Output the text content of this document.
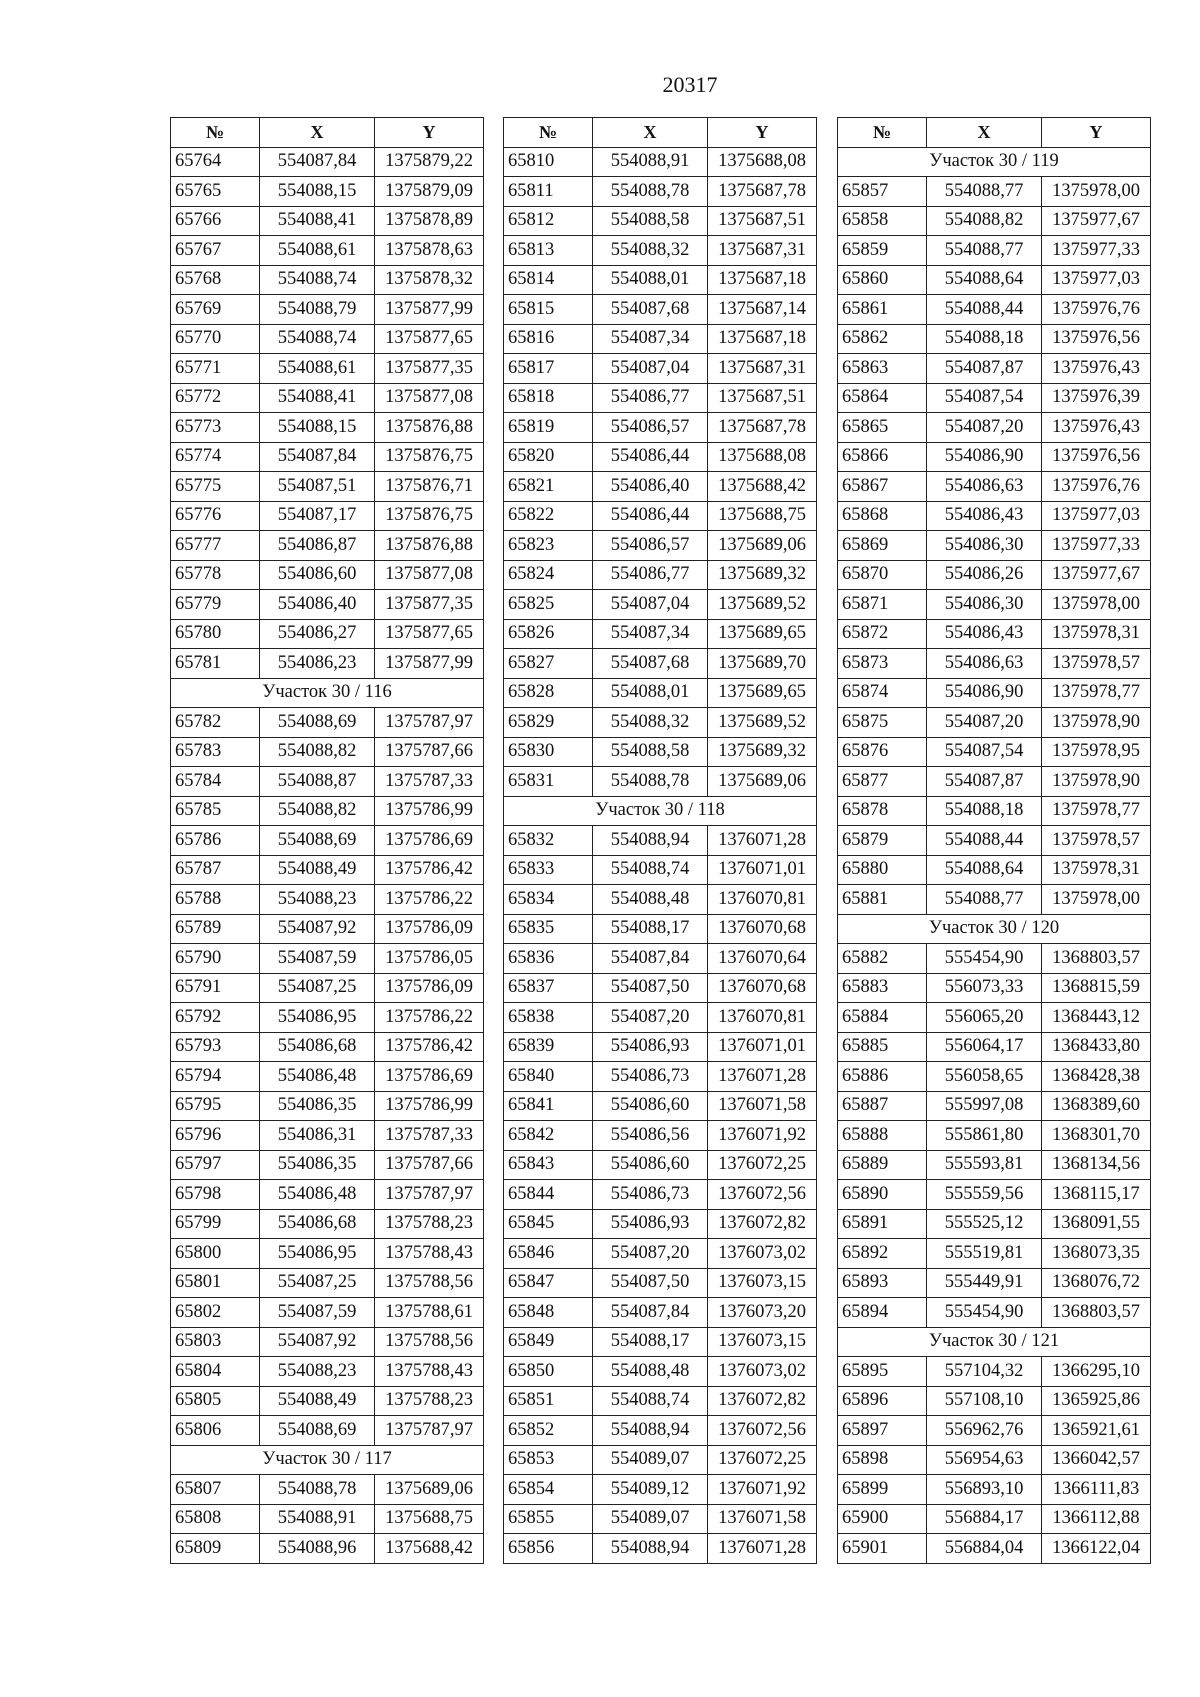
20317
№	X	Y
65764	554087,84	1375879,22
65765	554088,15	1375879,09
65766	554088,41	1375878,89
65767	554088,61	1375878,63
65768	554088,74	1375878,32
65769	554088,79	1375877,99
65770	554088,74	1375877,65
65771	554088,61	1375877,35
65772	554088,41	1375877,08
65773	554088,15	1375876,88
65774	554087,84	1375876,75
65775	554087,51	1375876,71
65776	554087,17	1375876,75
65777	554086,87	1375876,88
65778	554086,60	1375877,08
65779	554086,40	1375877,35
65780	554086,27	1375877,65
65781	554086,23	1375877,99
Участок 30 / 116		
65782	554088,69	1375787,97
65783	554088,82	1375787,66
65784	554088,87	1375787,33
65785	554088,82	1375786,99
65786	554088,69	1375786,69
65787	554088,49	1375786,42
65788	554088,23	1375786,22
65789	554087,92	1375786,09
65790	554087,59	1375786,05
65791	554087,25	1375786,09
65792	554086,95	1375786,22
65793	554086,68	1375786,42
65794	554086,48	1375786,69
65795	554086,35	1375786,99
65796	554086,31	1375787,33
65797	554086,35	1375787,66
65798	554086,48	1375787,97
65799	554086,68	1375788,23
65800	554086,95	1375788,43
65801	554087,25	1375788,56
65802	554087,59	1375788,61
65803	554087,92	1375788,56
65804	554088,23	1375788,43
65805	554088,49	1375788,23
65806	554088,69	1375787,97
Участок 30 / 117		
65807	554088,78	1375689,06
65808	554088,91	1375688,75
65809	554088,96	1375688,42
№	X	Y
65810	554088,91	1375688,08
65811	554088,78	1375687,78
65812	554088,58	1375687,51
65813	554088,32	1375687,31
65814	554088,01	1375687,18
65815	554087,68	1375687,14
65816	554087,34	1375687,18
65817	554087,04	1375687,31
65818	554086,77	1375687,51
65819	554086,57	1375687,78
65820	554086,44	1375688,08
65821	554086,40	1375688,42
65822	554086,44	1375688,75
65823	554086,57	1375689,06
65824	554086,77	1375689,32
65825	554087,04	1375689,52
65826	554087,34	1375689,65
65827	554087,68	1375689,70
65828	554088,01	1375689,65
65829	554088,32	1375689,52
65830	554088,58	1375689,32
65831	554088,78	1375689,06
Участок 30 / 118		
65832	554088,94	1376071,28
65833	554088,74	1376071,01
65834	554088,48	1376070,81
65835	554088,17	1376070,68
65836	554087,84	1376070,64
65837	554087,50	1376070,68
65838	554087,20	1376070,81
65839	554086,93	1376071,01
65840	554086,73	1376071,28
65841	554086,60	1376071,58
65842	554086,56	1376071,92
65843	554086,60	1376072,25
65844	554086,73	1376072,56
65845	554086,93	1376072,82
65846	554087,20	1376073,02
65847	554087,50	1376073,15
65848	554087,84	1376073,20
65849	554088,17	1376073,15
65850	554088,48	1376073,02
65851	554088,74	1376072,82
65852	554088,94	1376072,56
65853	554089,07	1376072,25
65854	554089,12	1376071,92
65855	554089,07	1376071,58
65856	554088,94	1376071,28
№	X	Y
Участок 30 / 119		
65857	554088,77	1375978,00
65858	554088,82	1375977,67
65859	554088,77	1375977,33
65860	554088,64	1375977,03
65861	554088,44	1375976,76
65862	554088,18	1375976,56
65863	554087,87	1375976,43
65864	554087,54	1375976,39
65865	554087,20	1375976,43
65866	554086,90	1375976,56
65867	554086,63	1375976,76
65868	554086,43	1375977,03
65869	554086,30	1375977,33
65870	554086,26	1375977,67
65871	554086,30	1375978,00
65872	554086,43	1375978,31
65873	554086,63	1375978,57
65874	554086,90	1375978,77
65875	554087,20	1375978,90
65876	554087,54	1375978,95
65877	554087,87	1375978,90
65878	554088,18	1375978,77
65879	554088,44	1375978,57
65880	554088,64	1375978,31
65881	554088,77	1375978,00
Участок 30 / 120		
65882	555454,90	1368803,57
65883	556073,33	1368815,59
65884	556065,20	1368443,12
65885	556064,17	1368433,80
65886	556058,65	1368428,38
65887	555997,08	1368389,60
65888	555861,80	1368301,70
65889	555593,81	1368134,56
65890	555559,56	1368115,17
65891	555525,12	1368091,55
65892	555519,81	1368073,35
65893	555449,91	1368076,72
65894	555454,90	1368803,57
Участок 30 / 121		
65895	557104,32	1366295,10
65896	557108,10	1365925,86
65897	556962,76	1365921,61
65898	556954,63	1366042,57
65899	556893,10	1366111,83
65900	556884,17	1366112,88
65901	556884,04	1366122,04
